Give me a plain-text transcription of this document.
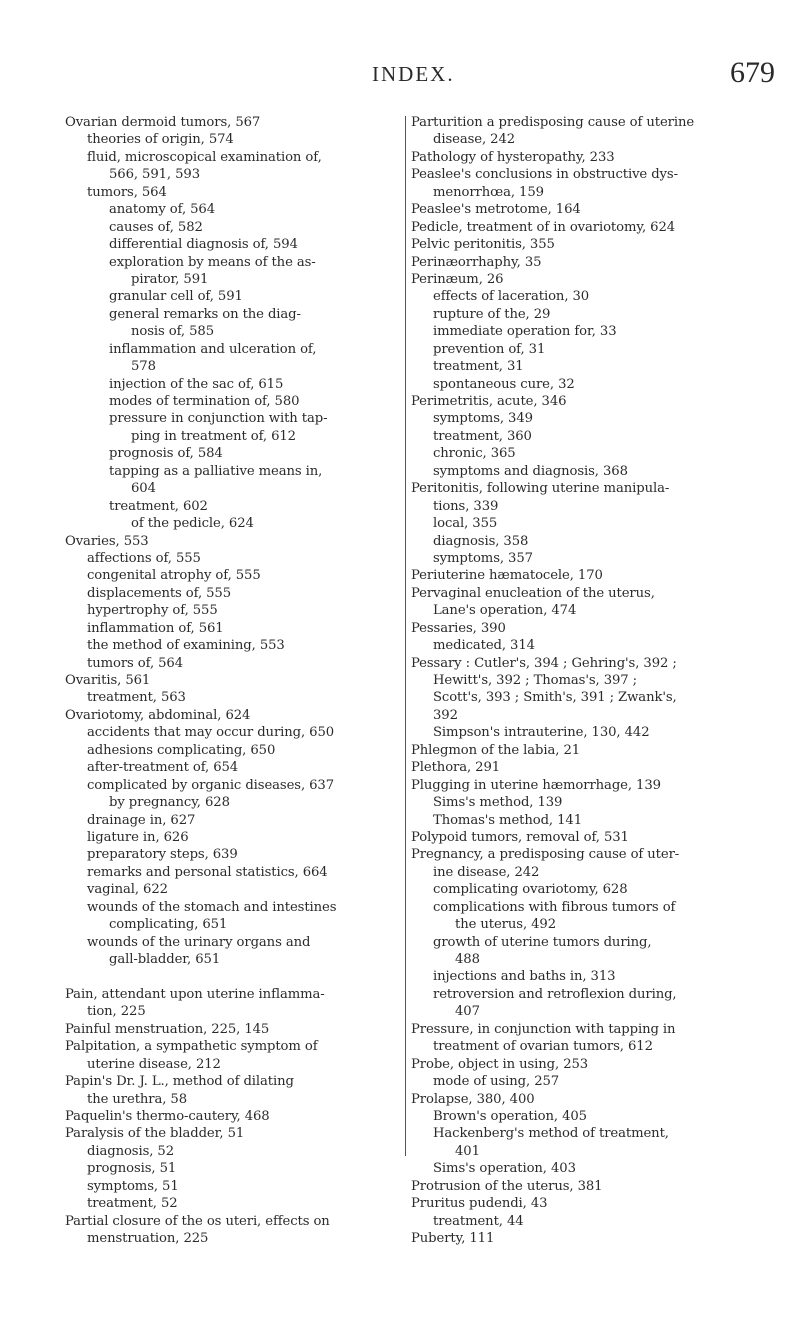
INDEX.	679
Ovarian dermoid tumors, 567
theories of origin, 574
fluid, microscopical examination of,
566, 591, 593
tumors, 564
anatomy of, 564
causes of, 582
differential diagnosis of, 594
exploration by means of the as-
pirator, 591
granular cell of, 591
general remarks on the diag-
nosis of, 585
inflammation and ulceration of,
578
injection of the sac of, 615
modes of termination of, 580
pressure in conjunction with tap-
ping in treatment of, 612
prognosis of, 584
tapping as a palliative means in,
604
treatment, 602
of the pedicle, 624
Ovaries, 553
affections of, 555
congenital atrophy of, 555
displacements of, 555
hypertrophy of, 555
inflammation of, 561
the method of examining, 553
tumors of, 564
Ovaritis, 561
treatment, 563
Ovariotomy, abdominal, 624
accidents that may occur during, 650
adhesions complicating, 650
after-treatment of, 654
complicated by organic diseases, 637
by pregnancy, 628
drainage in, 627
ligature in, 626
preparatory steps, 639
remarks and personal statistics, 664
vaginal, 622
wounds of the stomach and intestines
complicating, 651
wounds of the urinary organs and
gall-bladder, 651
Pain, attendant upon uterine inflamma-
tion, 225
Painful menstruation, 225, 145
Palpitation, a sympathetic symptom of
uterine disease, 212
Papin's Dr. J. L., method of dilating
the urethra, 58
Paquelin's thermo-cautery, 468
Paralysis of the bladder, 51
diagnosis, 52
prognosis, 51
symptoms, 51
treatment, 52
Partial closure of the os uteri, effects on
menstruation, 225
Parturition a predisposing cause of uterine
disease, 242
Pathology of hysteropathy, 233
Peaslee's conclusions in obstructive dys-
menorrhœa, 159
Peaslee's metrotome, 164
Pedicle, treatment of in ovariotomy, 624
Pelvic peritonitis, 355
Perinæorrhaphy, 35
Perinæum, 26
effects of laceration, 30
rupture of the, 29
immediate operation for, 33
prevention of, 31
treatment, 31
spontaneous cure, 32
Perimetritis, acute, 346
symptoms, 349
treatment, 360
chronic, 365
symptoms and diagnosis, 368
Peritonitis, following uterine manipula-
tions, 339
local, 355
diagnosis, 358
symptoms, 357
Periuterine hæmatocele, 170
Pervaginal enucleation of the uterus,
Lane's operation, 474
Pessaries, 390
medicated, 314
Pessary : Cutler's, 394 ; Gehring's, 392 ;
Hewitt's, 392 ; Thomas's, 397 ;
Scott's, 393 ; Smith's, 391 ; Zwank's,
392
Simpson's intrauterine, 130, 442
Phlegmon of the labia, 21
Plethora, 291
Plugging in uterine hæmorrhage, 139
Sims's method, 139
Thomas's method, 141
Polypoid tumors, removal of, 531
Pregnancy, a predisposing cause of uter-
ine disease, 242
complicating ovariotomy, 628
complications with fibrous tumors of
the uterus, 492
growth of uterine tumors during,
488
injections and baths in, 313
retroversion and retroflexion during,
407
Pressure, in conjunction with tapping in
treatment of ovarian tumors, 612
Probe, object in using, 253
mode of using, 257
Prolapse, 380, 400
Brown's operation, 405
Hackenberg's method of treatment,
401
Sims's operation, 403
Protrusion of the uterus, 381
Pruritus pudendi, 43
treatment, 44
Puberty, 111
